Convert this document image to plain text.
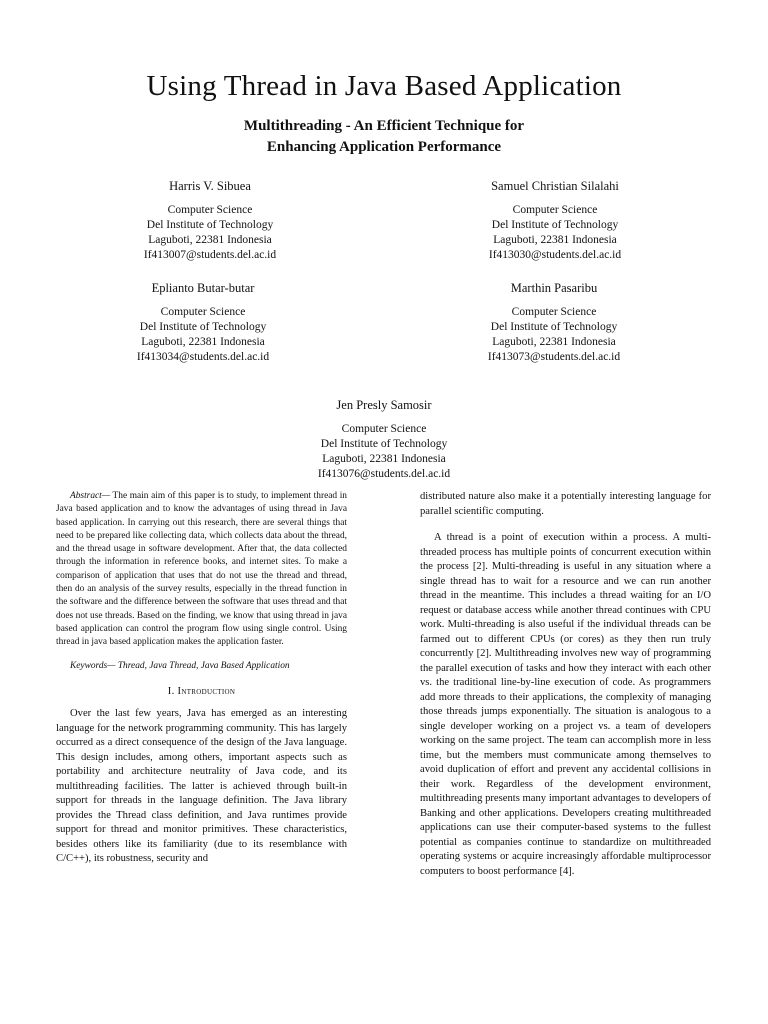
Using Thread in Java Based Application
Multithreading - An Efficient Technique for
Enhancing Application Performance
Harris V. Sibuea
Computer Science
Del Institute of Technology
Laguboti, 22381 Indonesia
If413007@students.del.ac.id
Samuel Christian Silalahi
Computer Science
Del Institute of Technology
Laguboti, 22381 Indonesia
If413030@students.del.ac.id
Eplianto Butar-butar
Computer Science
Del Institute of Technology
Laguboti, 22381 Indonesia
If413034@students.del.ac.id
Marthin Pasaribu
Computer Science
Del Institute of Technology
Laguboti, 22381 Indonesia
If413073@students.del.ac.id
Jen Presly Samosir
Computer Science
Del Institute of Technology
Laguboti, 22381 Indonesia
If413076@students.del.ac.id

Abstract— The main aim of this paper is to study, to implement thread in Java based application and to know the advantages of using thread in Java based application. In carrying out this research, there are several things that need to be prepared like collecting data, which collects data about the thread, and the thread usage in software development. After that, the data collected through the information in reference books, and internet sites. To make a comparison of application that uses that do not use the thread and thread, then do an analysis of the survey results, especially in the thread function in the software and the difference between the software that uses thread and that does not use threads. Based on the finding, we know that using thread in java based application can control the program flow using single control. Using thread in java based application makes the application faster.

Keywords— Thread, Java Thread, Java Based Application

I. Introduction

Over the last few years, Java has emerged as an interesting language for the network programming community. This has largely occurred as a direct consequence of the design of the Java language. This design includes, among others, important aspects such as portability and architecture neutrality of Java code, and its multithreading facilities. The latter is achieved through built-in support for threads in the language definition. The Java library provides the Thread class definition, and Java runtimes provide support for thread and monitor primitives. These characteristics, besides others like its familiarity (due to its resemblance with C/C++), its robustness, security and

distributed nature also make it a potentially interesting language for parallel scientific computing.

A thread is a point of execution within a process. A multi-threaded process has multiple points of concurrent execution within the process [2]. Multi-threading is useful in any situation where a single thread has to wait for a resource and we can run another thread in the meantime. This includes a thread waiting for an I/O request or database access while another thread continues with CPU work. Multi-threading is also useful if the individual threads can be farmed out to different CPUs (or cores) as they then run truly concurrently [2]. Multithreading involves new way of programming the parallel execution of tasks and how they interact with each other vs. the traditional line-by-line execution of code. As programmers add more threads to their applications, the complexity of managing those threads jumps exponentially. The situation is analogous to a single developer working on a project vs. a team of developers working on the same project. The team can accomplish more in less time, but the members must communicate among themselves to avoid duplication of effort and prevent any accidental collisions in their work. Regardless of the development environment, multithreading presents many important advantages to developers of Banking and other applications. Developers creating multithreaded applications can use their computer-based systems to the fullest potential as companies continue to standardize on multithreaded operating systems or acquire increasingly affordable multiprocessor computers to boost performance [4].
